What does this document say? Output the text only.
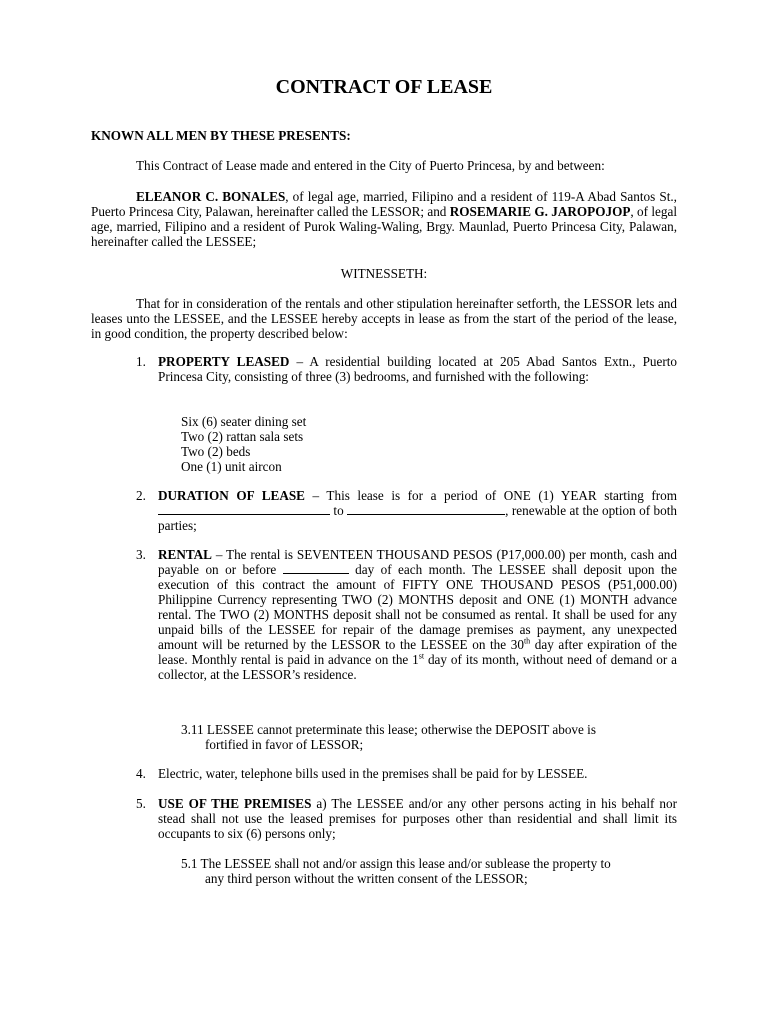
CONTRACT OF LEASE
KNOWN ALL MEN BY THESE PRESENTS:
This Contract of Lease made and entered in the City of Puerto Princesa, by and between:
ELEANOR C. BONALES, of legal age, married, Filipino and a resident of 119-A Abad Santos St., Puerto Princesa City, Palawan, hereinafter called the LESSOR; and ROSEMARIE G. JAROPOJOP, of legal age, married, Filipino and a resident of Purok Waling-Waling, Brgy. Maunlad, Puerto Princesa City, Palawan, hereinafter called the LESSEE;
WITNESSETH:
That for in consideration of the rentals and other stipulation hereinafter setforth, the LESSOR lets and leases unto the LESSEE, and the LESSEE hereby accepts in lease as from the start of the period of the lease, in good condition, the property described below:
1. PROPERTY LEASED – A residential building located at 205 Abad Santos Extn., Puerto Princesa City, consisting of three (3) bedrooms, and furnished with the following:
Six (6) seater dining set
Two (2) rattan sala sets
Two (2) beds
One (1) unit aircon
2. DURATION OF LEASE – This lease is for a period of ONE (1) YEAR starting from  to	, renewable at the option of both parties;
3. RENTAL – The rental is SEVENTEEN THOUSAND PESOS (P17,000.00) per month, cash and payable on or before	day of each month. The LESSEE shall deposit upon the execution of this contract the amount of FIFTY ONE THOUSAND PESOS (P51,000.00) Philippine Currency representing TWO (2) MONTHS deposit and ONE (1) MONTH advance rental. The TWO (2) MONTHS deposit shall not be consumed as rental. It shall be used for any unpaid bills of the LESSEE for repair of the damage premises as payment, any unexpected amount will be returned by the LESSOR to the LESSEE on the 30th day after expiration of the lease. Monthly rental is paid in advance on the 1st day of its month, without need of demand or a collector, at the LESSOR’s residence.
3.11 LESSEE cannot preterminate this lease; otherwise the DEPOSIT above is
fortified in favor of LESSOR;
4. Electric, water, telephone bills used in the premises shall be paid for by LESSEE.
5. USE OF THE PREMISES a) The LESSEE and/or any other persons acting in his behalf nor stead shall not use the leased premises for purposes other than residential and shall limit its occupants to six (6) persons only;
5.1 The LESSEE shall not and/or assign this lease and/or sublease the property to
any third person without the written consent of the LESSOR;
